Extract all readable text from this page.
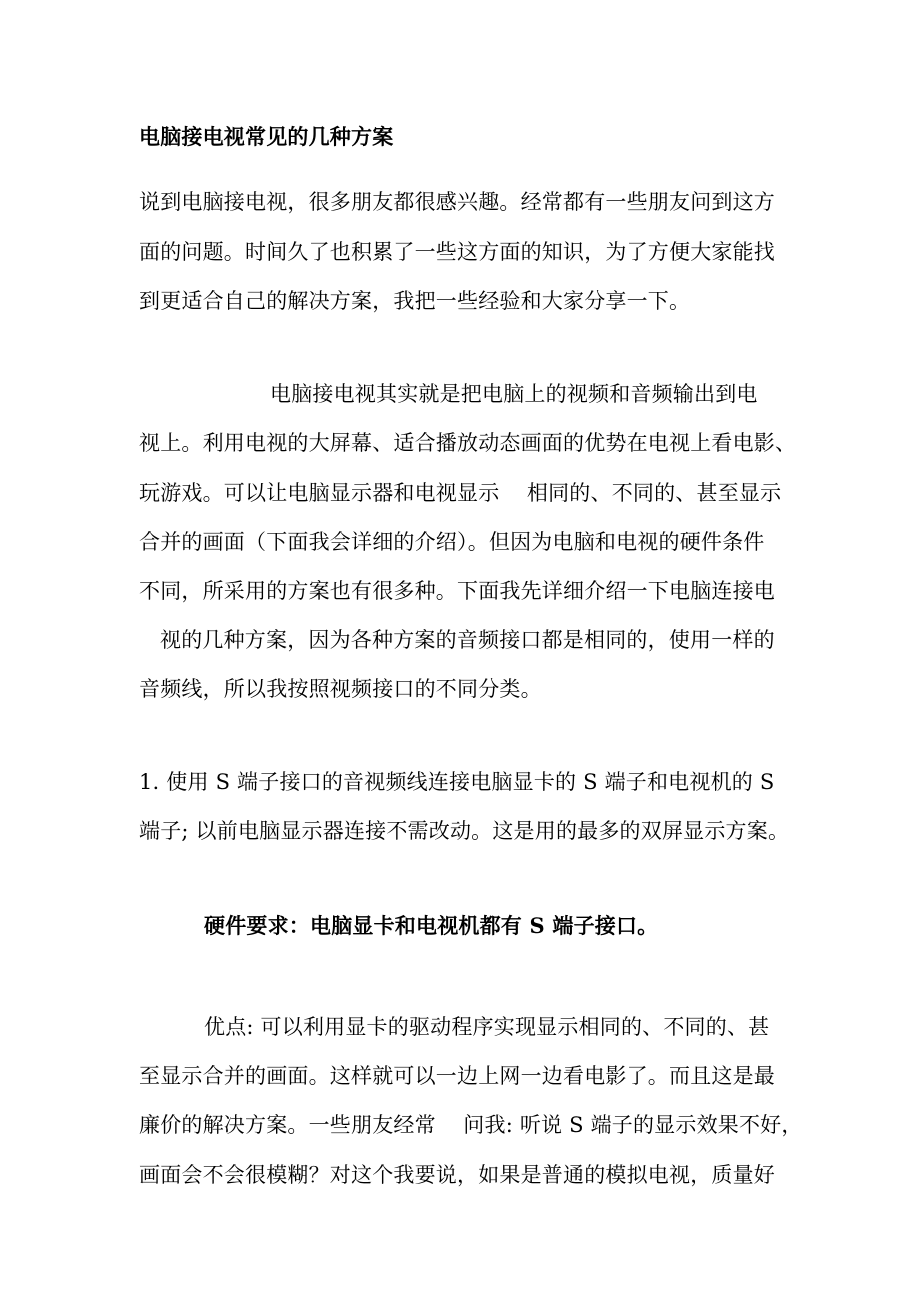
电脑接电视常见的几种方案
说到电脑接电视，很多朋友都很感兴趣。经常都有一些朋友问到这方
面的问题。时间久了也积累了一些这方面的知识，为了方便大家能找
到更适合自己的解决方案，我把一些经验和大家分享一下。
电脑接电视其实就是把电脑上的视频和音频输出到电
视上。利用电视的大屏幕、适合播放动态画面的优势在电视上看电影、
玩游戏。可以让电脑显示器和电视显示    相同的、不同的、甚至显示
合并的画面（下面我会详细的介绍）。但因为电脑和电视的硬件条件
不同，所采用的方案也有很多种。下面我先详细介绍一下电脑连接电
视的几种方案，因为各种方案的音频接口都是相同的，使用一样的
音频线，所以我按照视频接口的不同分类。
1. 使用 S 端子接口的音视频线连接电脑显卡的 S 端子和电视机的 S
端子; 以前电脑显示器连接不需改动。这是用的最多的双屏显示方案。
硬件要求：电脑显卡和电视机都有 S 端子接口。
优点: 可以利用显卡的驱动程序实现显示相同的、不同的、甚
至显示合并的画面。这样就可以一边上网一边看电影了。而且这是最
廉价的解决方案。一些朋友经常    问我: 听说 S 端子的显示效果不好，
画面会不会很模糊？对这个我要说，如果是普通的模拟电视，质量好
